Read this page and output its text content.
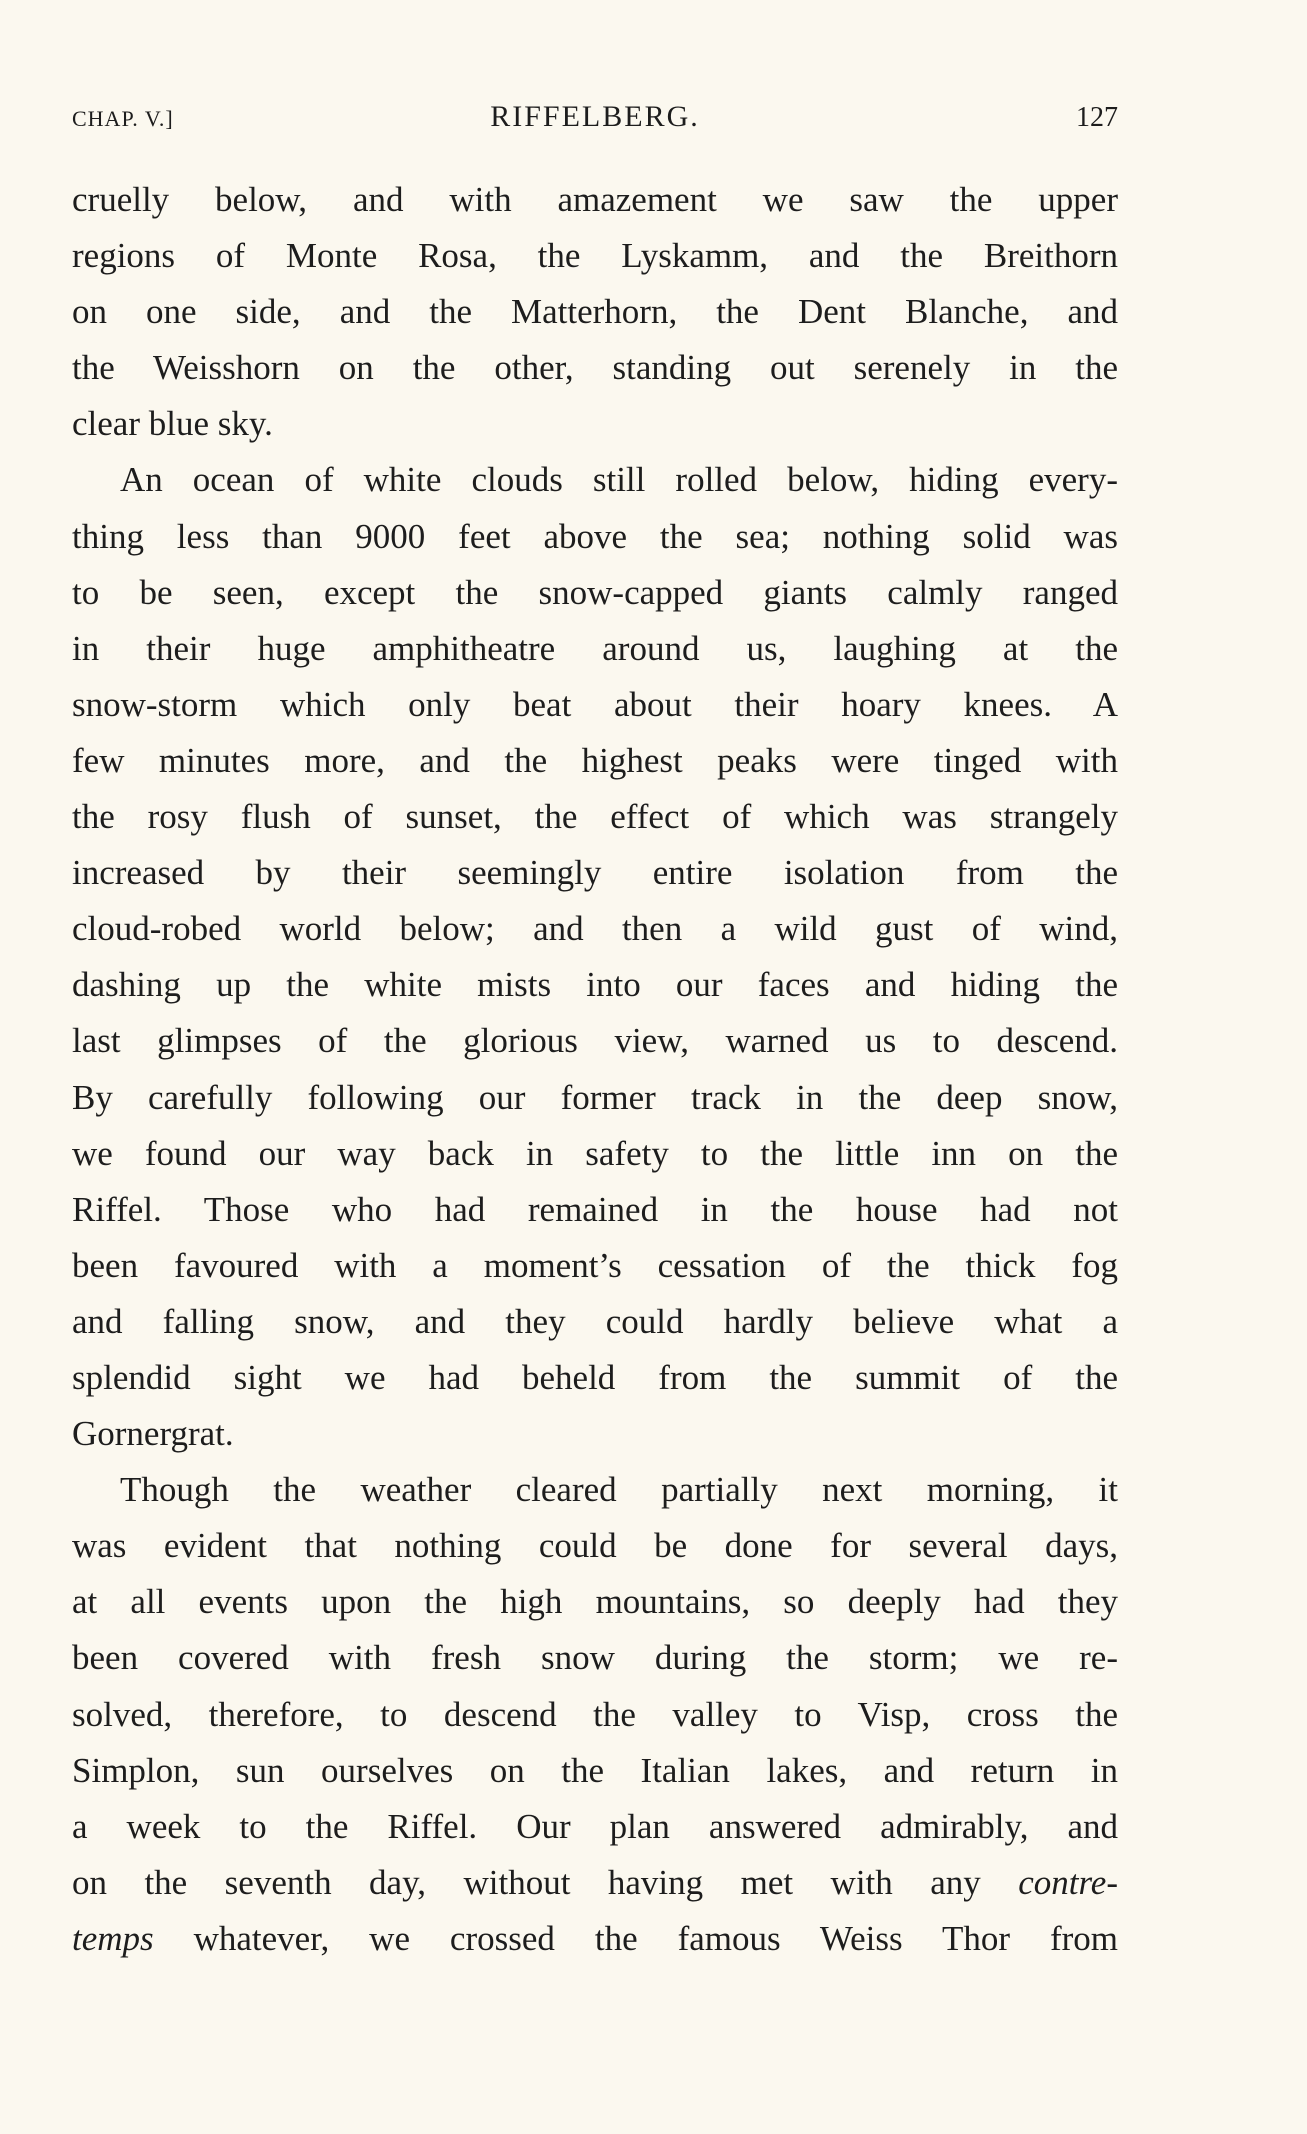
CHAP. V.]	RIFFELBERG.	127
cruelly below, and with amazement we saw the upper
regions of Monte Rosa, the Lyskamm, and the Breithorn
on one side, and the Matterhorn, the Dent Blanche, and
the Weisshorn on the other, standing out serenely in the
clear blue sky.
An ocean of white clouds still rolled below, hiding every-
thing less than 9000 feet above the sea; nothing solid was
to be seen, except the snow-capped giants calmly ranged
in their huge amphitheatre around us, laughing at the
snow-storm which only beat about their hoary knees. A
few minutes more, and the highest peaks were tinged with
the rosy flush of sunset, the effect of which was strangely
increased by their seemingly entire isolation from the
cloud-robed world below; and then a wild gust of wind,
dashing up the white mists into our faces and hiding the
last glimpses of the glorious view, warned us to descend.
By carefully following our former track in the deep snow,
we found our way back in safety to the little inn on the
Riffel. Those who had remained in the house had not
been favoured with a moment’s cessation of the thick fog
and falling snow, and they could hardly believe what a
splendid sight we had beheld from the summit of the
Gornergrat.
Though the weather cleared partially next morning, it
was evident that nothing could be done for several days,
at all events upon the high mountains, so deeply had they
been covered with fresh snow during the storm; we re-
solved, therefore, to descend the valley to Visp, cross the
Simplon, sun ourselves on the Italian lakes, and return in
a week to the Riffel. Our plan answered admirably, and
on the seventh day, without having met with any contre-
temps whatever, we crossed the famous Weiss Thor from
